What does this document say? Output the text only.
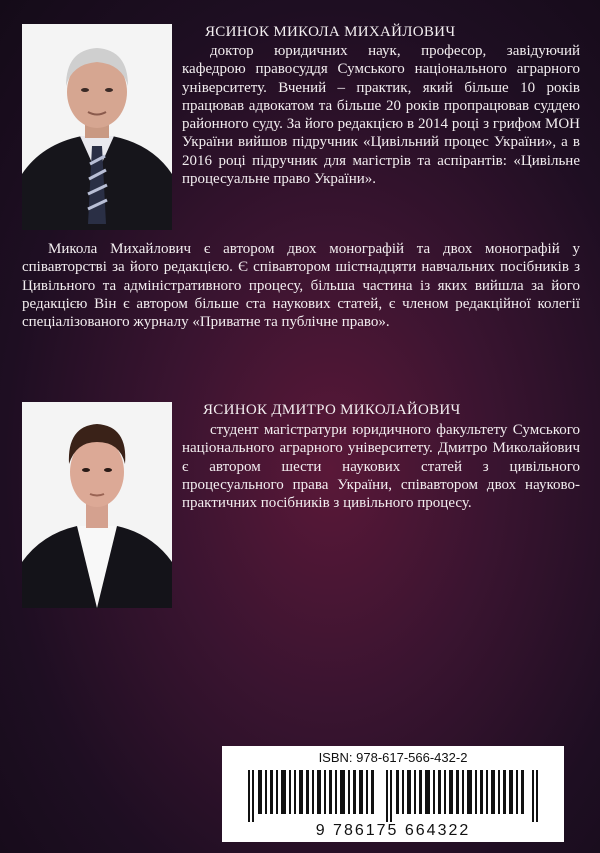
ЯСИНОК МИКОЛА МИХАЙЛОВИЧ

доктор юридичних наук, професор, завідуючий кафедрою правосуддя Сумського національного аграрного університету. Вчений – практик, який більше 10 років працював адвокатом та більше 20 років пропрацював суддею районного суду. За його редакцією в 2014 році з грифом МОН України вийшов підручник «Цивільний процес України», а в 2016 році підручник для магістрів та аспірантів: «Цивільне процесуальне право України».

Микола Михайлович є автором двох монографій та двох монографій у співавторстві за його редакцією. Є співавтором шістнадцяти навчальних посібників з Цивільного та адміністративного процесу, більша частина із яких вийшла за його редакцією Він є автором більше ста наукових статей, є членом редакційної колегії спеціалізованого журналу «Приватне та публічне право».

ЯСИНОК ДМИТРО МИКОЛАЙОВИЧ

студент магістратури юридичного факультету Сумського національного аграрного університету. Дмитро Миколайович є автором шести наукових статей з цивільного процесуального права України, співавтором двох науково-практичних посібників з цивільного процесу.

ISBN: 978-617-566-432-2
9 786175 664322
